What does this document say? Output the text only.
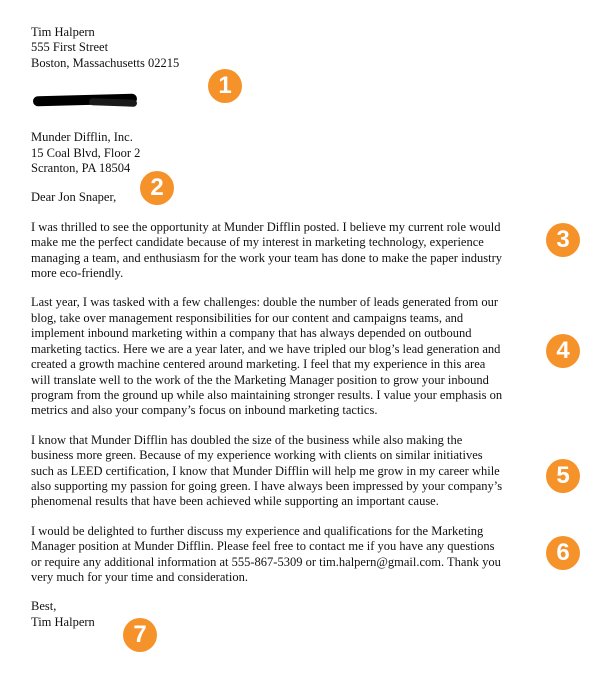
Tim Halpern
555 First Street
Boston, Massachusetts 02215
Munder Difflin, Inc.
15 Coal Blvd, Floor 2
Scranton, PA 18504
Dear Jon Snaper,
I was thrilled to see the opportunity at Munder Difflin posted. I believe my current role would
make me the perfect candidate because of my interest in marketing technology, experience
managing a team, and enthusiasm for the work your team has done to make the paper industry
more eco-friendly.
Last year, I was tasked with a few challenges: double the number of leads generated from our
blog, take over management responsibilities for our content and campaigns teams, and
implement inbound marketing within a company that has always depended on outbound
marketing tactics. Here we are a year later, and we have tripled our blog’s lead generation and
created a growth machine centered around marketing. I feel that my experience in this area
will translate well to the work of the the Marketing Manager position to grow your inbound
program from the ground up while also maintaining stronger results. I value your emphasis on
metrics and also your company’s focus on inbound marketing tactics.
I know that Munder Difflin has doubled the size of the business while also making the
business more green. Because of my experience working with clients on similar initiatives
such as LEED certification, I know that Munder Difflin will help me grow in my career while
also supporting my passion for going green. I have always been impressed by your company’s
phenomenal results that have been achieved while supporting an important cause.
I would be delighted to further discuss my experience and qualifications for the Marketing
Manager position at Munder Difflin. Please feel free to contact me if you have any questions
or require any additional information at 555-867-5309 or tim.halpern@gmail.com. Thank you
very much for your time and consideration.
Best,
Tim Halpern
1
2
3
4
5
6
7
